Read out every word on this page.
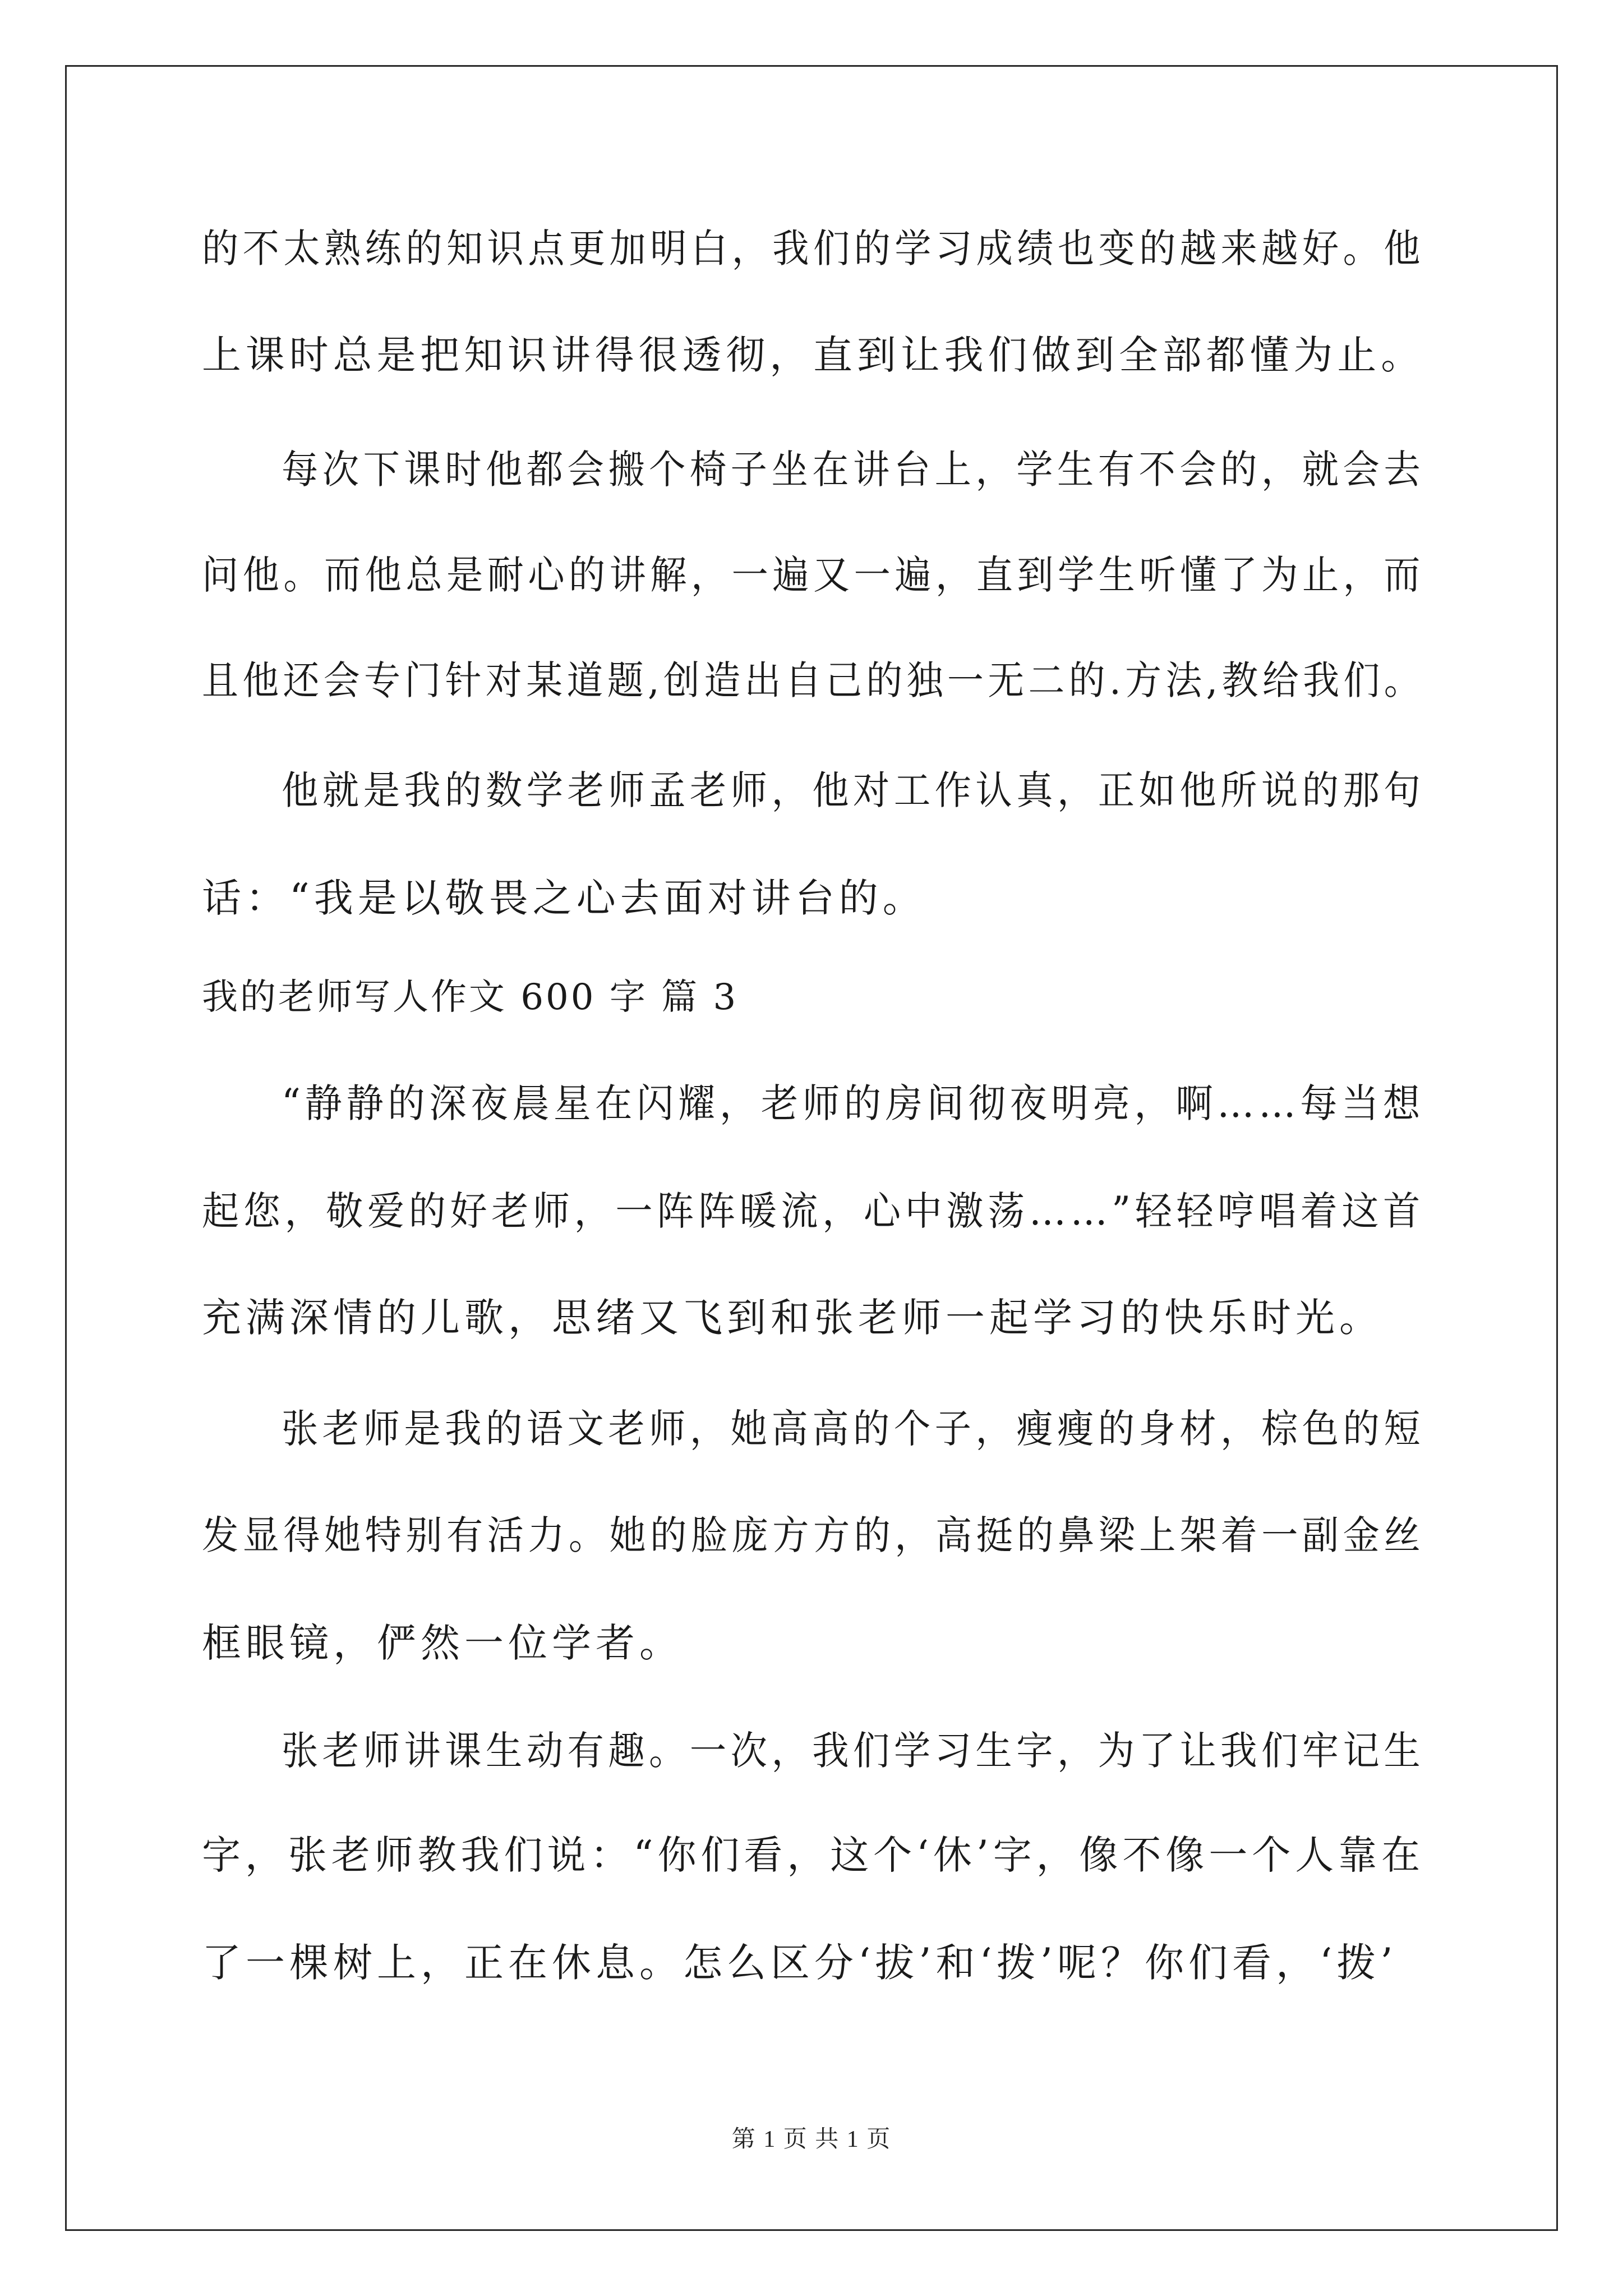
的不太熟练的知识点更加明白，我们的学习成绩也变的越来越好。他
上课时总是把知识讲得很透彻，直到让我们做到全部都懂为止。
每次下课时他都会搬个椅子坐在讲台上，学生有不会的，就会去
问他。而他总是耐心的讲解，一遍又一遍，直到学生听懂了为止，而
且他还会专门针对某道题,创造出自己的独一无二的.方法,教给我们。
他就是我的数学老师孟老师，他对工作认真，正如他所说的那句
话：“我是以敬畏之心去面对讲台的。
我的老师写人作文 600 字 篇 3
“静静的深夜晨星在闪耀，老师的房间彻夜明亮，啊……每当想
起您，敬爱的好老师，一阵阵暖流，心中激荡……”轻轻哼唱着这首
充满深情的儿歌，思绪又飞到和张老师一起学习的快乐时光。
张老师是我的语文老师，她高高的个子，瘦瘦的身材，棕色的短
发显得她特别有活力。她的脸庞方方的，高挺的鼻梁上架着一副金丝
框眼镜，俨然一位学者。
张老师讲课生动有趣。一次，我们学习生字，为了让我们牢记生
字，张老师教我们说：“你们看，这个‘休’字，像不像一个人靠在
了一棵树上，正在休息。怎么区分‘拔’和‘拨’呢？你们看，‘拨’
第 1 页 共 1 页
